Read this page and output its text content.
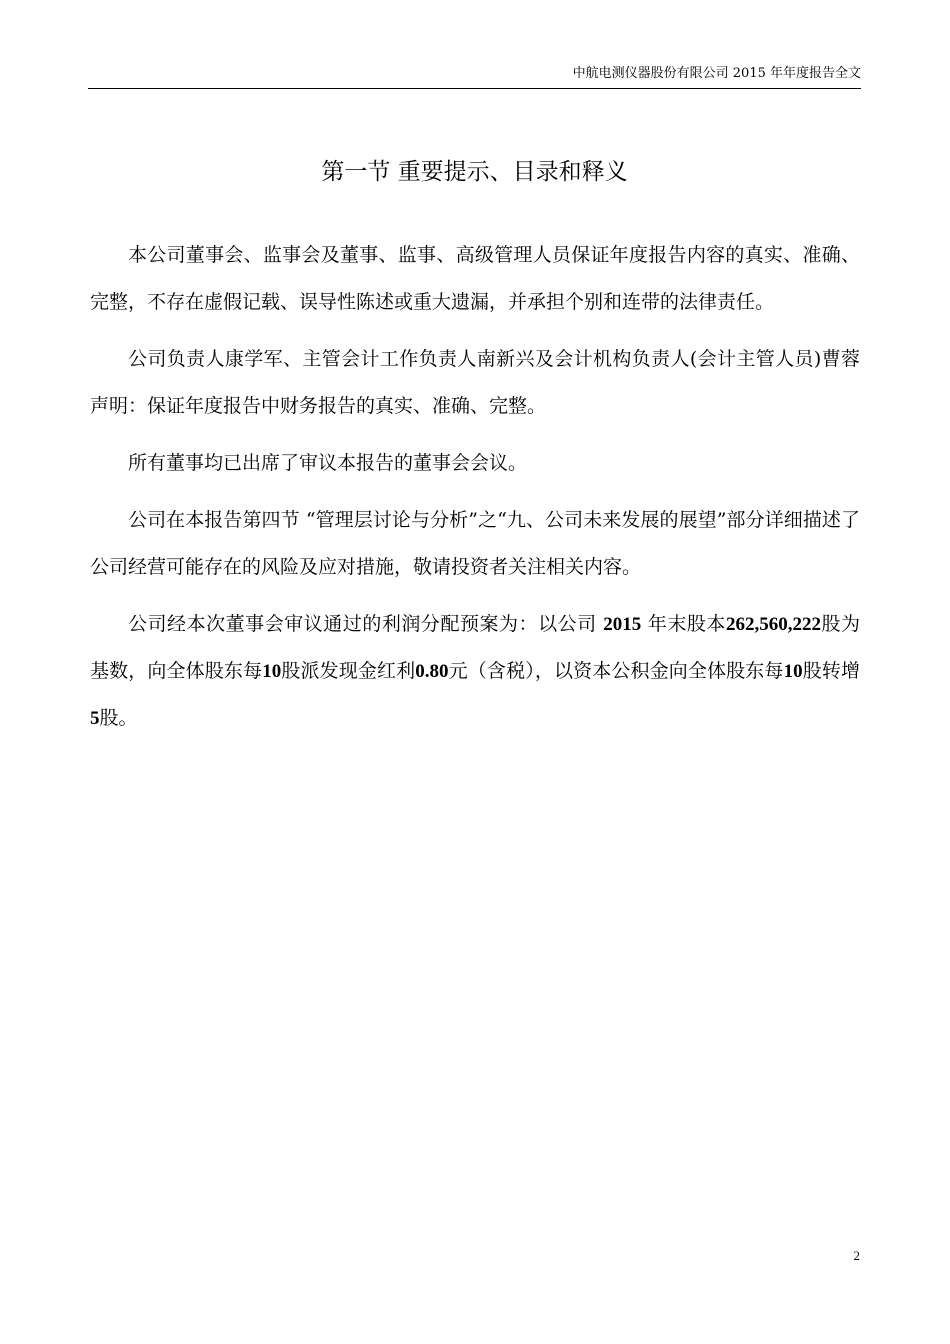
中航电测仪器股份有限公司 2015 年年度报告全文
第一节 重要提示、目录和释义

本公司董事会、监事会及董事、监事、高级管理人员保证年度报告内容的真实、准确、完整，不存在虚假记载、误导性陈述或重大遗漏，并承担个别和连带的法律责任。

公司负责人康学军、主管会计工作负责人南新兴及会计机构负责人(会计主管人员)曹蓉声明：保证年度报告中财务报告的真实、准确、完整。

所有董事均已出席了审议本报告的董事会会议。

公司在本报告第四节 “管理层讨论与分析”之“九、公司未来发展的展望”部分详细描述了公司经营可能存在的风险及应对措施，敬请投资者关注相关内容。

公司经本次董事会审议通过的利润分配预案为：以公司 2015 年末股本262,560,222股为基数，向全体股东每10股派发现金红利0.80元（含税），以资本公积金向全体股东每10股转增5股。

2
